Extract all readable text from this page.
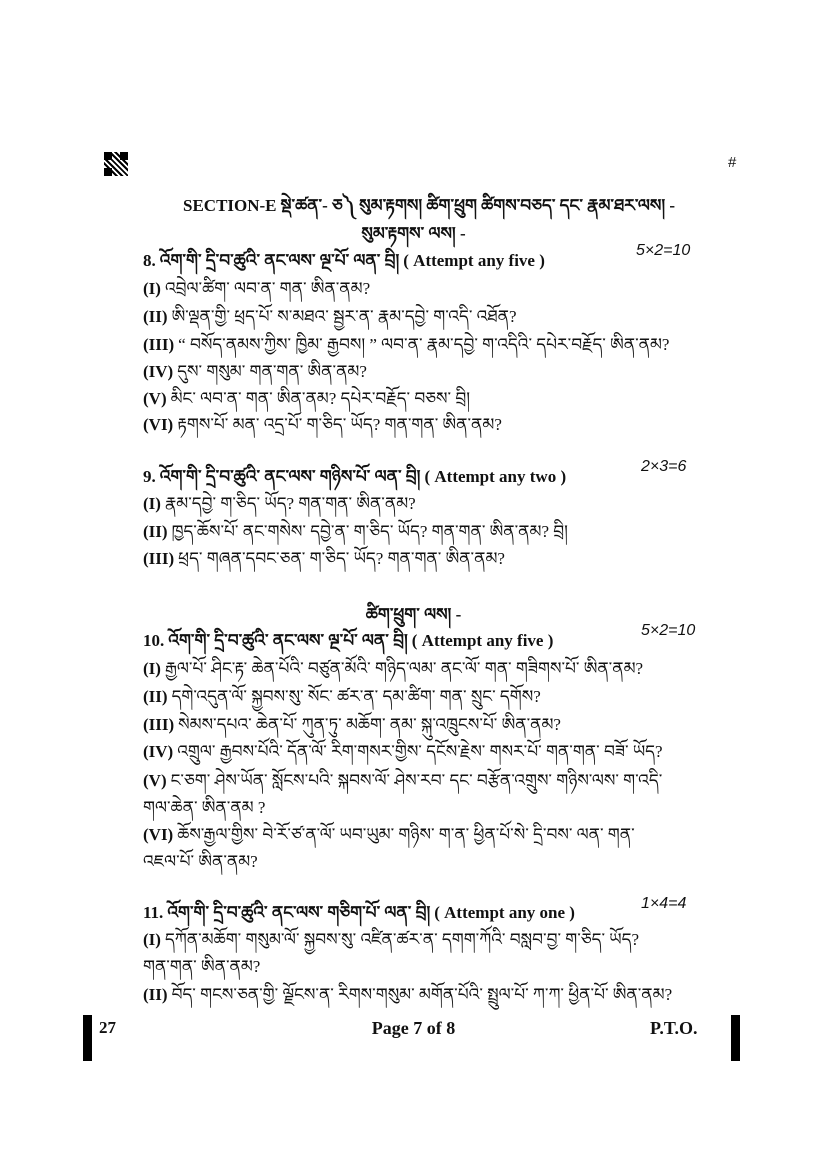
#
SECTION-E སྡེ་ཚན་- ཅ༽ སུམ་རྟགས། ཚིག་ཕྲུག ཚིགས་བཅད་ དང་ རྣམ་ཐར་ལས། -
སུམ་རྟགས་ ལས། -
8. འོག་གི་ དྲི་བ་ཚུའི་ ནང་ལས་ ལྔ་པོ་ ལན་ བྲི། ( Attempt any five )
5×2=10
(I) འབྲེལ་ཚིག་ ལབ་ན་ གན་ ཨིན་ནམ?
(II) ཨི་ལྡན་གྱི་ ཕྲད་པོ་ ས་མཐའ་ སྦྱར་ན་ རྣམ་དབྱེ་ ག་འདི་ འཐོན?
(III) “ བསོད་ནམས་ཀྱིས་ ཁྱིམ་ རྒྱབས། ” ལབ་ན་ རྣམ་དབྱེ་ ག་འདིའི་ དཔེར་བརྗོད་ ཨིན་ནམ?
(IV) དུས་ གསུམ་ གན་གན་ ཨིན་ནམ?
(V) མིང་ ལབ་ན་ གན་ ཨིན་ནམ? དཔེར་བརྗོད་ བཅས་ བྲི།
(VI) རྟགས་པོ་ མན་ འདྲ་པོ་ ག་ཅིད་ ཡོད? གན་གན་ ཨིན་ནམ?
9. འོག་གི་ དྲི་བ་ཚུའི་ ནང་ལས་ གཉིས་པོ་ ལན་ བྲི། ( Attempt any two )
2×3=6
(I) རྣམ་དབྱེ་ ག་ཅིད་ ཡོད? གན་གན་ ཨིན་ནམ?
(II) ཁྱད་ཆོས་པོ་ ནང་གསེས་ དབྱེ་ན་ ག་ཅིད་ ཡོད? གན་གན་ ཨིན་ནམ? བྲི།
(III) ཕྲད་ གཞན་དབང་ཅན་ ག་ཅིད་ ཡོད? གན་གན་ ཨིན་ནམ?
ཚིག་ཕྲུག་ ལས། -
10. འོག་གི་ དྲི་བ་ཚུའི་ ནང་ལས་ ལྔ་པོ་ ལན་ བྲི། ( Attempt any five )
5×2=10
(I) རྒྱལ་པོ་ ཤིང་རྟ་ ཆེན་པོའི་ བཙུན་མོའི་ གཉིད་ལམ་ ནང་ལོ་ གན་ གཟིགས་པོ་ ཨིན་ནམ?
(II) དགེ་འདུན་ལོ་ སྐྱབས་སུ་ སོང་ ཚར་ན་ དམ་ཚིག་ གན་ སྲུང་ དགོས?
(III) སེམས་དཔའ་ ཆེན་པོ་ ཀུན་ཏུ་ མཆོག་ ནམ་ སྐུ་འཁྲུངས་པོ་ ཨིན་ནམ?
(IV) འགྲུལ་ རྒྱབས་པོའི་ དོན་ལོ་ རིག་གསར་གྱིས་ དངོས་རྗེས་ གསར་པོ་ གན་གན་ བཟོ་ ཡོད?
(V) ང་ཅག་ ཤེས་ཡོན་ སློངས་པའི་ སྐབས་ལོ་ ཤེས་རབ་ དང་ བརྩོན་འགྲུས་ གཉིས་ལས་ ག་འདི་
གལ་ཆེན་ ཨིན་ནམ ?
(VI) ཆོས་རྒྱལ་གྱིས་ བེ་རོ་ཙ་ན་ལོ་ ཡབ་ཡུམ་ གཉིས་ ག་ན་ ཕྱིན་པོ་སེ་ དྲི་བས་ ལན་ གན་
འཇལ་པོ་ ཨིན་ནམ?
11. འོག་གི་ དྲི་བ་ཚུའི་ ནང་ལས་ གཅིག་པོ་ ལན་ བྲི། ( Attempt any one )	1×4=4
(I) དཀོན་མཆོག་ གསུམ་ལོ་ སྐྱབས་སུ་ འཛིན་ཚར་ན་ དགག་ཀོའི་ བསླབ་བྱ་ ག་ཅིད་ ཡོད?
གན་གན་ ཨིན་ནམ?
(II) བོད་ གངས་ཅན་གྱི་ ལྗོངས་ན་ རིགས་གསུམ་ མགོན་པོའི་ སྤྲུལ་པོ་ ཀ་ཀ་ ཕྱིན་པོ་ ཨིན་ནམ?
27	Page 7 of 8	P.T.O.
